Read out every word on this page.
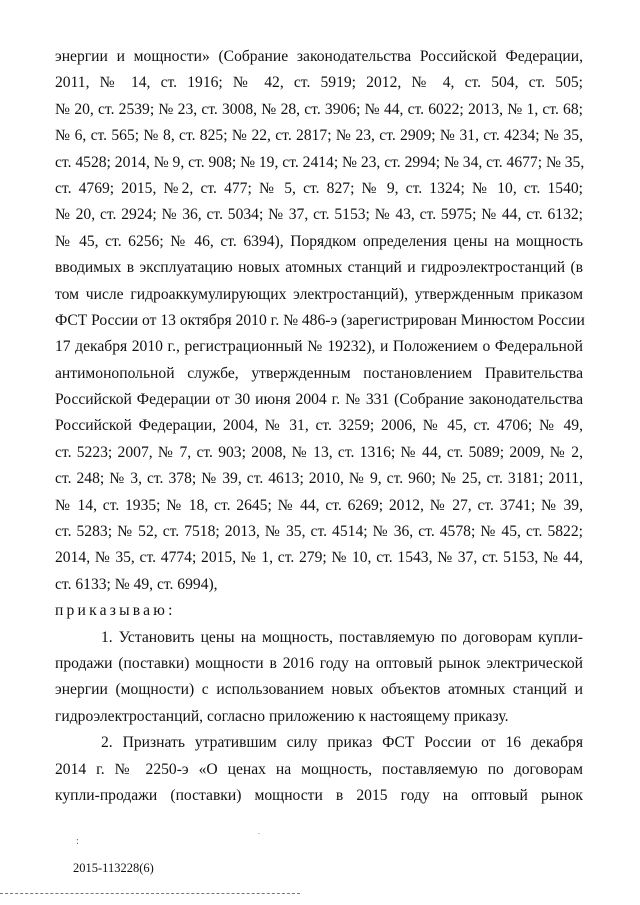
энергии и мощности» (Собрание законодательства Российской Федерации,
2011, № 14, ст. 1916; № 42, ст. 5919; 2012, № 4, ст. 504, ст. 505;
№ 20, ст. 2539; № 23, ст. 3008, № 28, ст. 3906; № 44, ст. 6022; 2013, № 1, ст. 68;
№ 6, ст. 565; № 8, ст. 825; № 22, ст. 2817; № 23, ст. 2909; № 31, ст. 4234; № 35,
ст. 4528; 2014, № 9, ст. 908; № 19, ст. 2414; № 23, ст. 2994; № 34, ст. 4677; № 35,
ст. 4769; 2015, №2, ст. 477; № 5, ст. 827; № 9, ст. 1324; № 10, ст. 1540;
№ 20, ст. 2924; № 36, ст. 5034; № 37, ст. 5153; № 43, ст. 5975; № 44, ст. 6132;
№ 45, ст. 6256; № 46, ст. 6394), Порядком определения цены на мощность
вводимых в эксплуатацию новых атомных станций и гидроэлектростанций (в
том числе гидроаккумулирующих электростанций), утвержденным приказом
ФСТ России от 13 октября 2010 г. № 486-э (зарегистрирован Минюстом России
17 декабря 2010 г., регистрационный № 19232), и Положением о Федеральной
антимонопольной службе, утвержденным постановлением Правительства
Российской Федерации от 30 июня 2004 г. № 331 (Собрание законодательства
Российской Федерации, 2004, № 31, ст. 3259; 2006, № 45, ст. 4706; № 49,
ст. 5223; 2007, № 7, ст. 903; 2008, № 13, ст. 1316; № 44, ст. 5089; 2009, № 2,
ст. 248; № 3, ст. 378; № 39, ст. 4613; 2010, № 9, ст. 960; № 25, ст. 3181; 2011,
№ 14, ст. 1935; № 18, ст. 2645; № 44, ст. 6269; 2012, № 27, ст. 3741; № 39,
ст. 5283; № 52, ст. 7518; 2013, № 35, ст. 4514; № 36, ст. 4578; № 45, ст. 5822;
2014, № 35, ст. 4774; 2015, № 1, ст. 279; № 10, ст. 1543, № 37, ст. 5153, № 44,
ст. 6133; № 49, ст. 6994),
приказываю:
1. Установить цены на мощность, поставляемую по договорам купли-
продажи (поставки) мощности в 2016 году на оптовый рынок электрической
энергии (мощности) с использованием новых объектов атомных станций и
гидроэлектростанций, согласно приложению к настоящему приказу.
2. Признать утратившим силу приказ ФСТ России от 16 декабря
2014 г. № 2250-э «О ценах на мощность, поставляемую по договорам
купли-продажи (поставки) мощности в 2015 году на оптовый рынок
:
.
2015-113228(6)
